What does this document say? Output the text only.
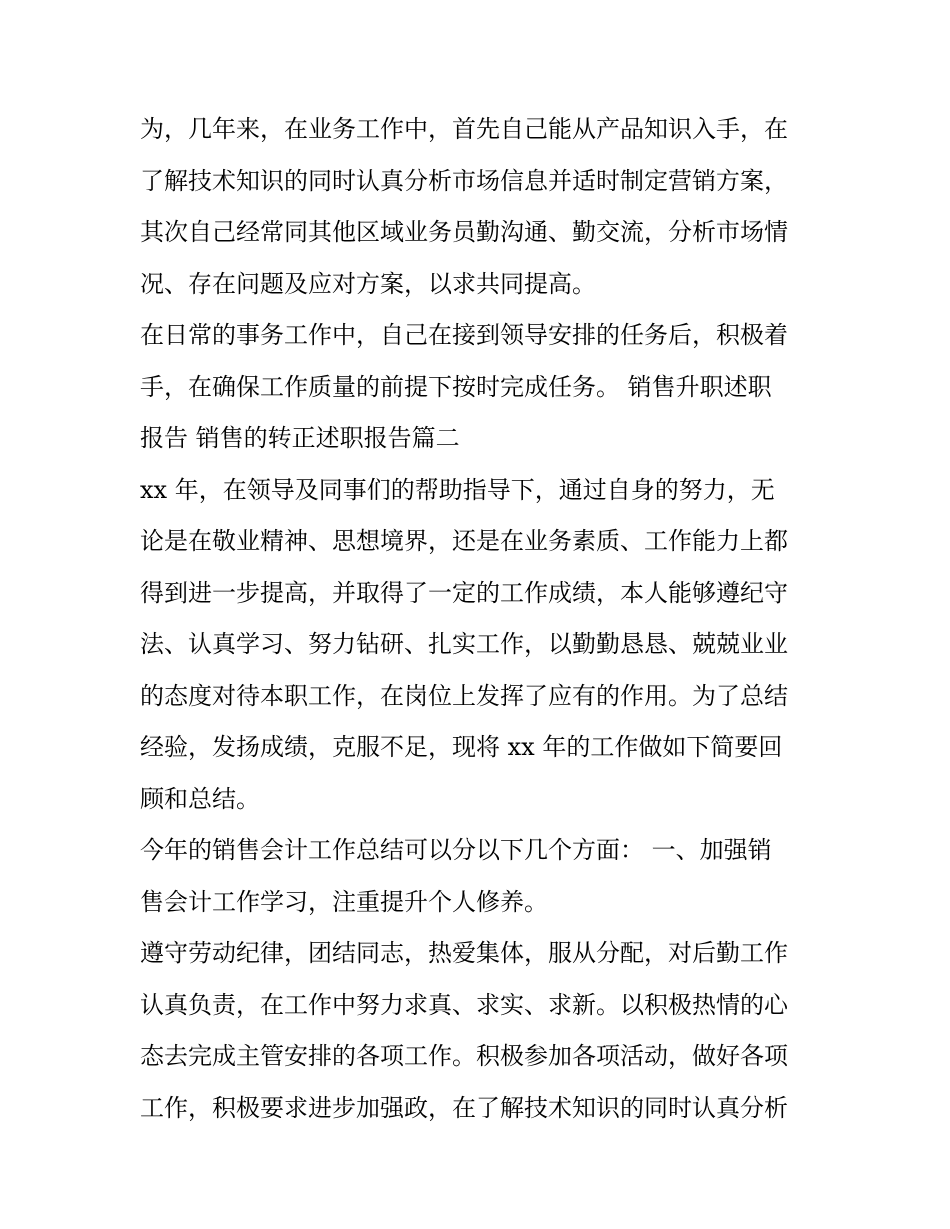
为，几年来，在业务工作中，首先自己能从产品知识入手，在
了解技术知识的同时认真分析市场信息并适时制定营销方案，
其次自己经常同其他区域业务员勤沟通、勤交流，分析市场情
况、存在问题及应对方案，以求共同提高。
在日常的事务工作中，自己在接到领导安排的任务后，积极着
手，在确保工作质量的前提下按时完成任务。 销售升职述职
报告 销售的转正述职报告篇二
xx 年，在领导及同事们的帮助指导下，通过自身的努力，无
论是在敬业精神、思想境界，还是在业务素质、工作能力上都
得到进一步提高，并取得了一定的工作成绩，本人能够遵纪守
法、认真学习、努力钻研、扎实工作，以勤勤恳恳、兢兢业业
的态度对待本职工作，在岗位上发挥了应有的作用。为了总结
经验，发扬成绩，克服不足，现将 xx 年的工作做如下简要回
顾和总结。
今年的销售会计工作总结可以分以下几个方面： 一、加强销
售会计工作学习，注重提升个人修养。
遵守劳动纪律，团结同志，热爱集体，服从分配，对后勤工作
认真负责，在工作中努力求真、求实、求新。以积极热情的心
态去完成主管安排的各项工作。积极参加各项活动，做好各项
工作，积极要求进步加强政，在了解技术知识的同时认真分析
